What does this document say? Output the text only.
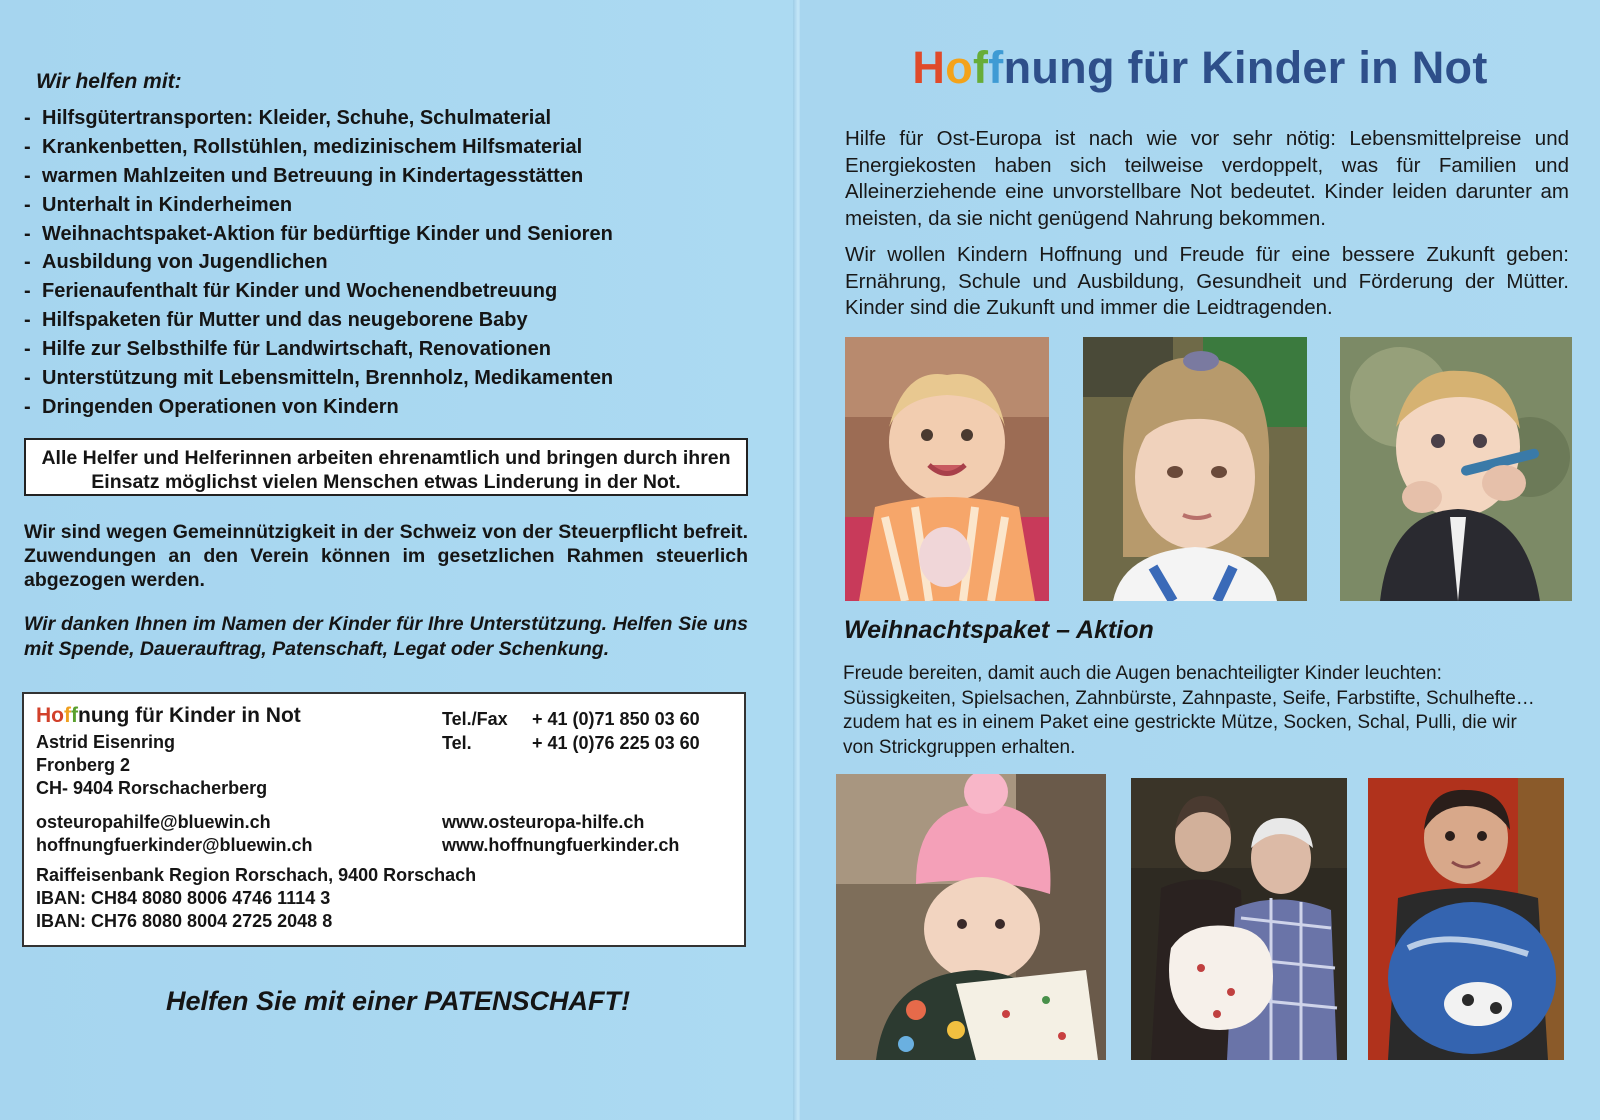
Wir helfen mit:
- Hilfsgütertransporten: Kleider, Schuhe, Schulmaterial
- Krankenbetten, Rollstühlen, medizinischem Hilfsmaterial
- warmen Mahlzeiten und Betreuung in Kindertagesstätten
- Unterhalt in Kinderheimen
- Weihnachtspaket-Aktion für bedürftige Kinder und Senioren
- Ausbildung von Jugendlichen
- Ferienaufenthalt für Kinder und Wochenendbetreuung
- Hilfspaketen für Mutter und das neugeborene Baby
- Hilfe zur Selbsthilfe für Landwirtschaft, Renovationen
- Unterstützung mit Lebensmitteln, Brennholz, Medikamenten
- Dringenden Operationen von Kindern
Alle Helfer und Helferinnen arbeiten ehrenamtlich und bringen durch ihren Einsatz möglichst vielen Menschen etwas Linderung in der Not.
Wir sind wegen Gemeinnützigkeit in der Schweiz von der Steuerpflicht befreit. Zuwendungen an den Verein können im gesetzlichen Rahmen steuerlich abgezogen werden.
Wir danken Ihnen im Namen der Kinder für Ihre Unterstützung. Helfen Sie uns mit Spende, Dauerauftrag, Patenschaft, Legat oder Schenkung.
Hoffnung für Kinder in Not
Astrid Eisenring
Fronberg 2
CH- 9404 Rorschacherberg
Tel./Fax + 41 (0)71 850 03 60
Tel.	+ 41 (0)76 225 03 60
osteuropahilfe@bluewin.ch
hoffnungfuerkinder@bluewin.ch
www.osteuropa-hilfe.ch
www.hoffnungfuerkinder.ch
Raiffeisenbank Region Rorschach, 9400 Rorschach
IBAN: CH84 8080 8006 4746 1114 3
IBAN: CH76 8080 8004 2725 2048 8
Helfen Sie mit einer PATENSCHAFT!
Hoffnung für Kinder in Not
Hilfe für Ost-Europa ist nach wie vor sehr nötig: Lebensmittelpreise und Energiekosten haben sich teilweise verdoppelt, was für Familien und Alleinerziehende eine unvorstellbare Not bedeutet. Kinder leiden darunter am meisten, da sie nicht genügend Nahrung bekommen.
Wir wollen Kindern Hoffnung und Freude für eine bessere Zukunft geben: Ernährung, Schule und Ausbildung, Gesundheit und Förderung der Mütter. Kinder sind die Zukunft und immer die Leidtragenden.
Weihnachtspaket – Aktion
Freude bereiten, damit auch die Augen benachteiligter Kinder leuchten: Süssigkeiten, Spielsachen, Zahnbürste, Zahnpaste, Seife, Farbstifte, Schulhefte…zudem hat es in einem Paket eine gestrickte Mütze, Socken, Schal, Pulli, die wir von Strickgruppen erhalten.
